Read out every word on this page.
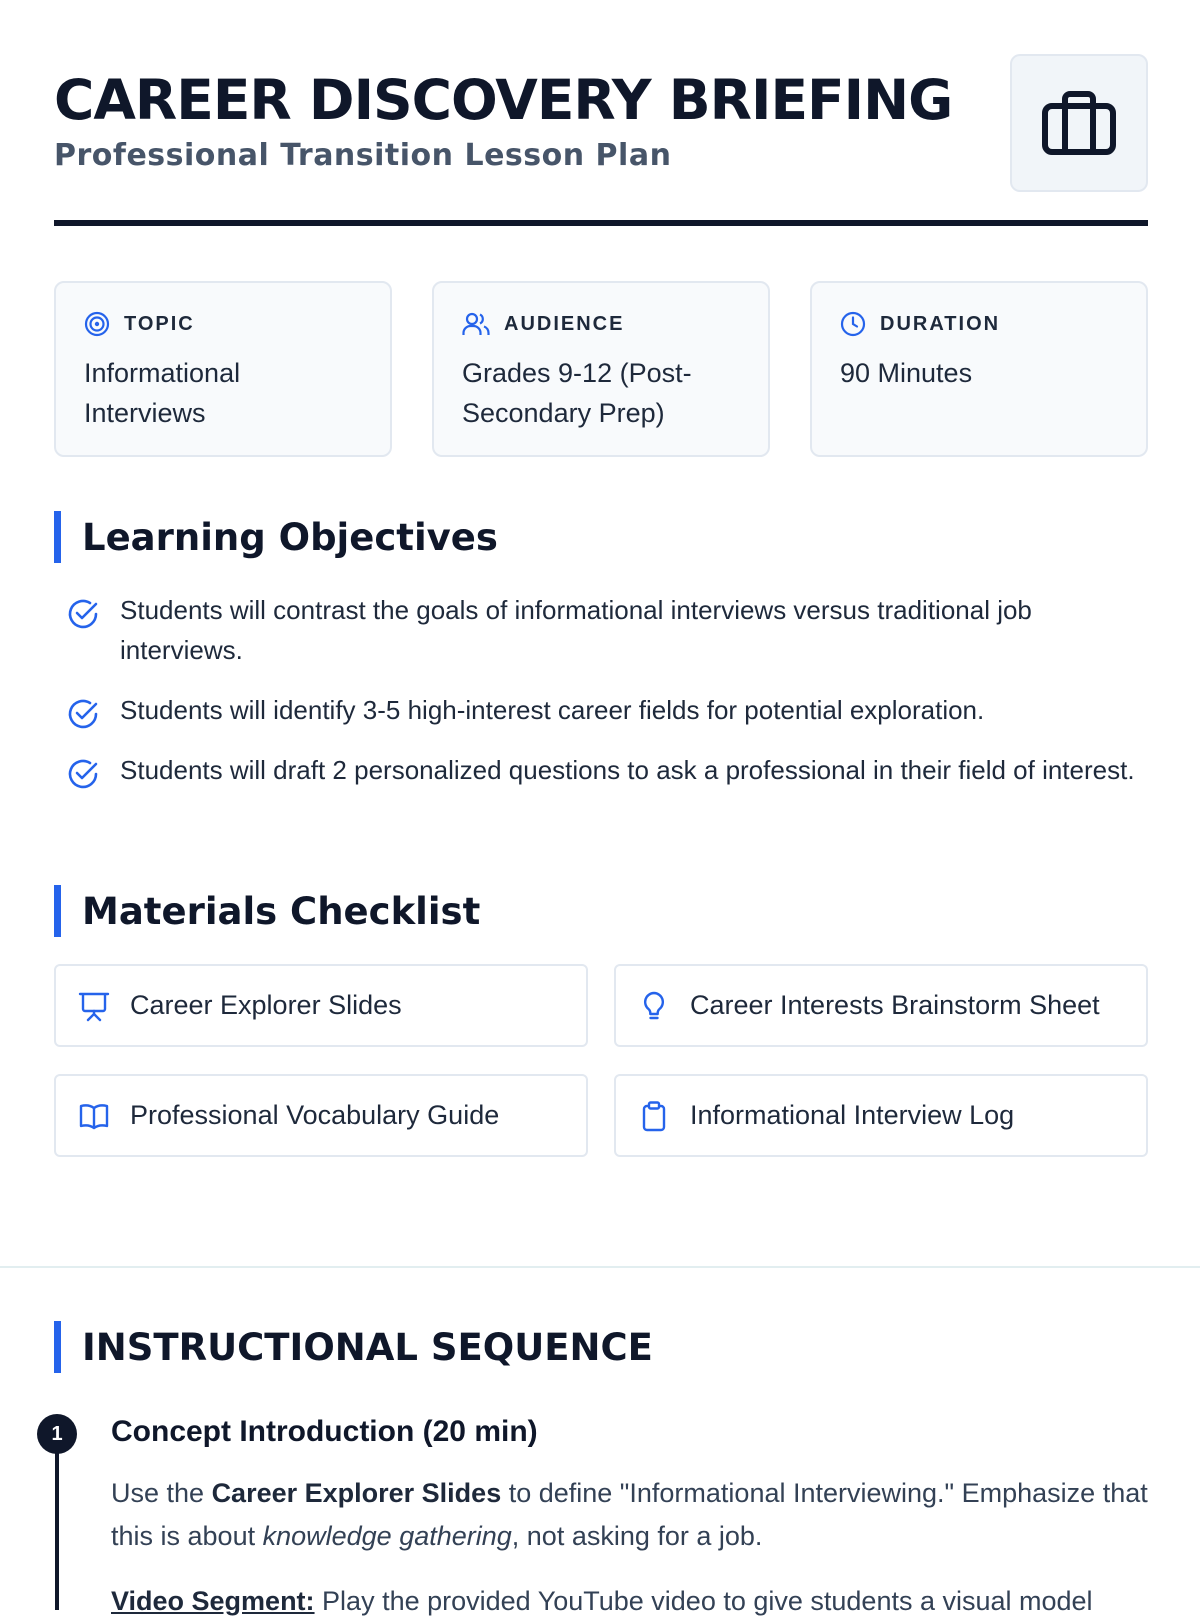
CAREER DISCOVERY BRIEFING
Professional Transition Lesson Plan
TOPIC
Informational Interviews
AUDIENCE
Grades 9-12 (Post-Secondary Prep)
DURATION
90 Minutes
Learning Objectives
Students will contrast the goals of informational interviews versus traditional job interviews.
Students will identify 3-5 high-interest career fields for potential exploration.
Students will draft 2 personalized questions to ask a professional in their field of interest.
Materials Checklist
Career Explorer Slides	Career Interests Brainstorm Sheet
Professional Vocabulary Guide	Informational Interview Log
INSTRUCTIONAL SEQUENCE
1	Concept Introduction (20 min)
Use the Career Explorer Slides to define "Informational Interviewing." Emphasize that this is about knowledge gathering, not asking for a job.
Video Segment: Play the provided YouTube video to give students a visual model
